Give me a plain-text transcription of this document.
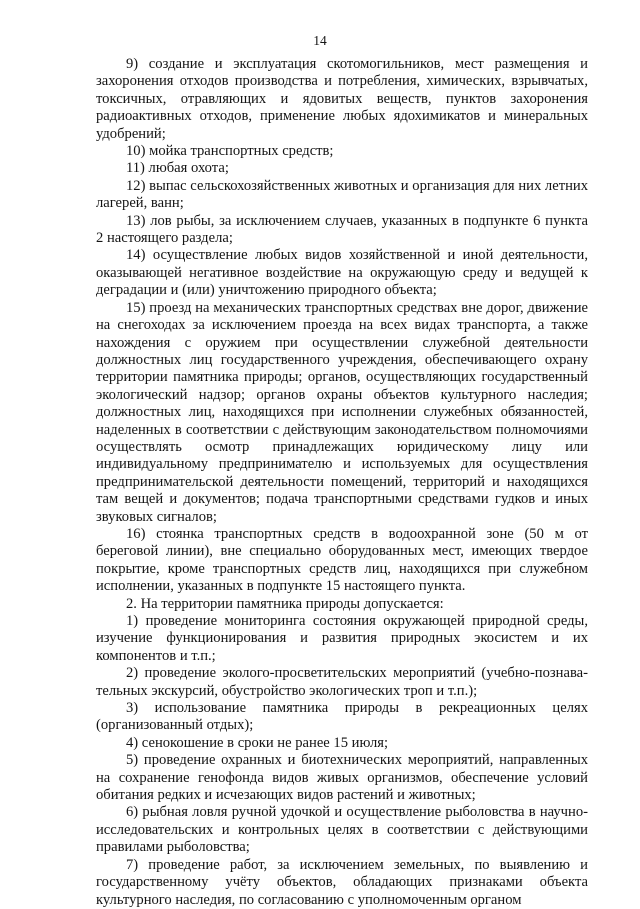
14

9) создание и эксплуатация скотомогильников, мест размещения и захоронения отходов производства и потребления, химических, взрывчатых, токсичных, отравляющих и ядовитых веществ, пунктов захоронения радиоактивных отходов, применение любых ядохимикатов и минеральных удобрений;

10) мойка транспортных средств;

11) любая охота;

12) выпас сельскохозяйственных животных и организация для них летних лагерей, ванн;

13) лов рыбы, за исключением случаев, указанных в подпункте 6 пункта 2 настоящего раздела;

14) осуществление любых видов хозяйственной и иной деятельности, оказывающей негативное воздействие на окружающую среду и ведущей к деградации и (или) уничтожению природного объекта;

15) проезд на механических транспортных средствах вне дорог, движение на снегоходах за исключением проезда на всех видах транспорта, а также нахождения с оружием при осуществлении служебной деятельности должностных лиц государственного учреждения, обеспечивающего охрану территории памятника природы; органов, осуществляющих государственный экологический надзор; органов охраны объектов культурного наследия; должностных лиц, находящихся при исполнении служебных обязанностей, наделенных в соответствии с действующим законодательством полномочиями осуществлять осмотр принадлежащих юридическому лицу или индивидуальному предпринимателю и используемых для осуществления предпринимательской деятельности помещений, территорий и находящихся там вещей и документов; подача транспортными средствами гудков и иных звуковых сигналов;

16) стоянка транспортных средств в водоохранной зоне (50 м от береговой линии), вне специально оборудованных мест, имеющих твердое покрытие, кроме транспортных средств лиц, находящихся при служебном исполнении, указанных в подпункте 15 настоящего пункта.

2. На территории памятника природы допускается:

1) проведение мониторинга состояния окружающей природной среды, изучение функционирования и развития природных экосистем и их компонентов и т.п.;

2) проведение эколого-просветительских мероприятий (учебно-познава-тельных экскурсий, обустройство экологических троп и т.п.);

3) использование памятника природы в рекреационных целях (организованный отдых);

4) сенокошение в сроки не ранее 15 июля;

5) проведение охранных и биотехнических мероприятий, направленных на сохранение генофонда видов живых организмов, обеспечение условий обитания редких и исчезающих видов растений и животных;

6) рыбная ловля ручной удочкой и осуществление рыболовства в научно-исследовательских и контрольных целях в соответствии с действующими правилами рыболовства;

7) проведение работ, за исключением земельных, по выявлению и государственному учёту объектов, обладающих признаками объекта культурного наследия, по согласованию с уполномоченным органом
